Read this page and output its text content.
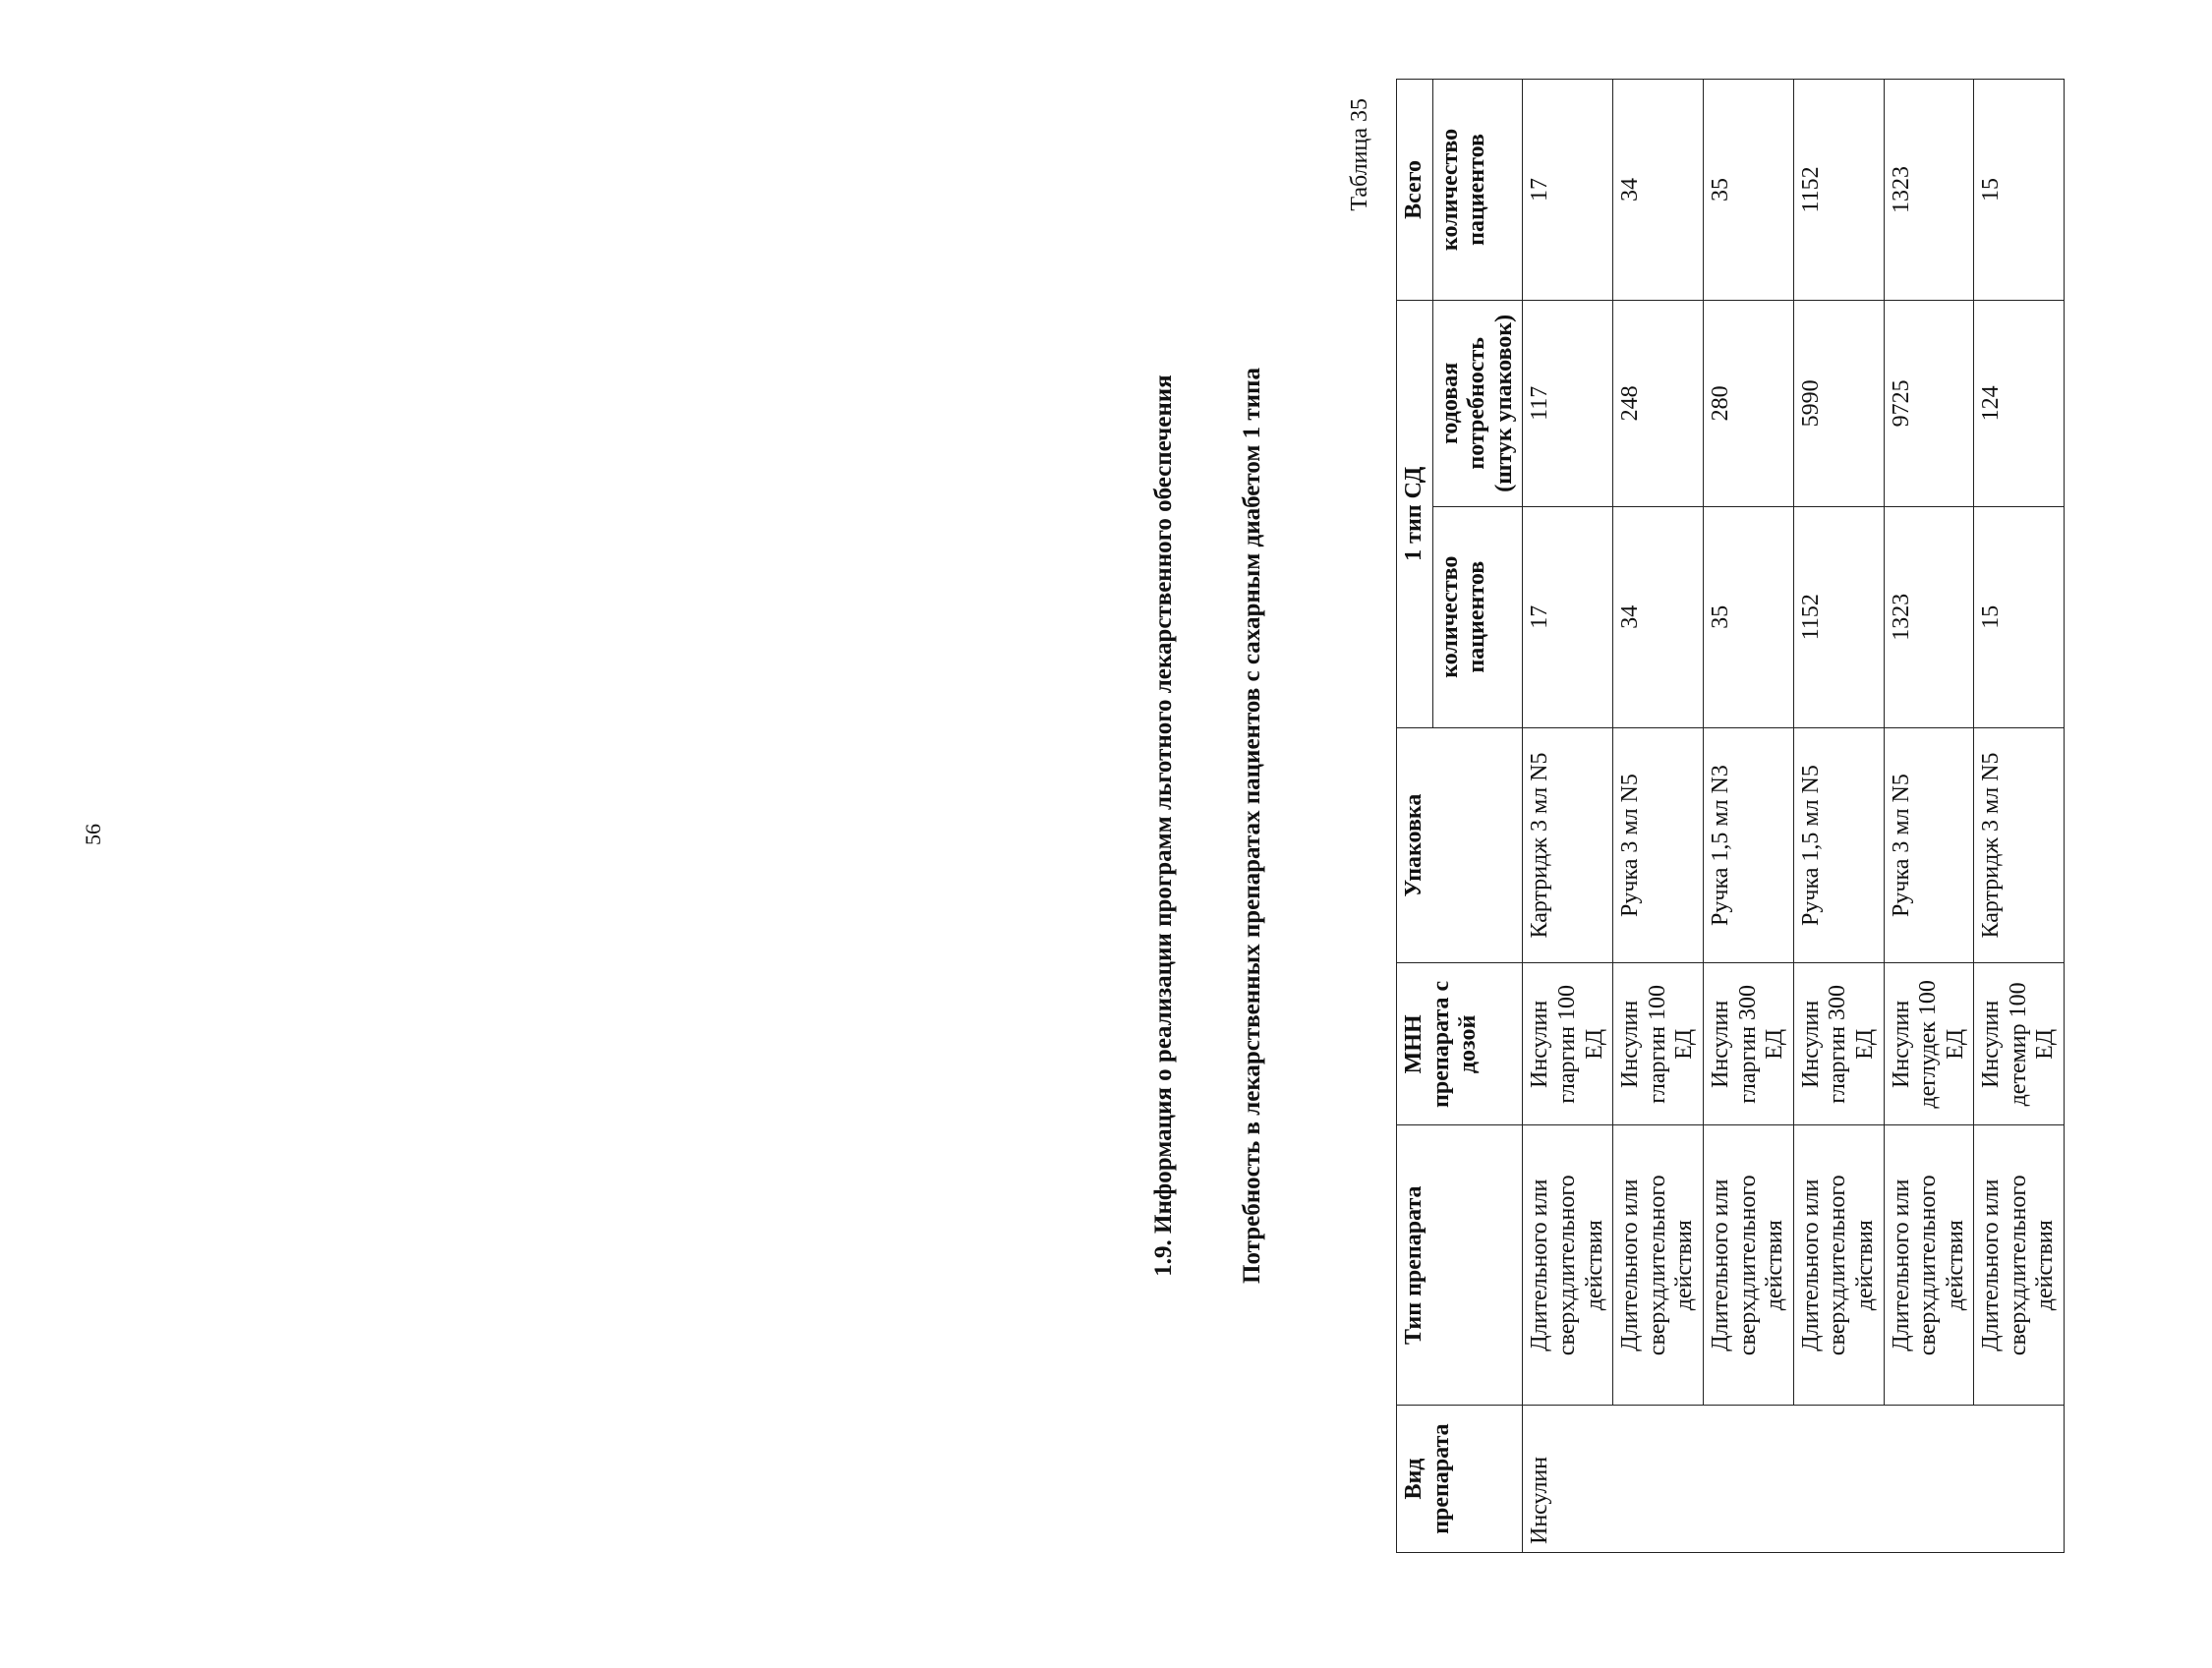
56	1.9. Информация о реализации программ льготного лекарственного обеспечения	Потребность в лекарственных препаратах пациентов с сахарным диабетом 1 типа
Таблица 35
Вид препарата	Тип препарата	МНН препарата с дозой	Упаковка	1 тип СД		Всего
				количество пациентов	годовая потребность (штук упаковок)	количество пациентов
Инсулин	Длительного или сверхдлительного действия	Инсулин гларгин 100 ЕД	Картридж 3 мл N5	17	117	17
	Длительного или сверхдлительного действия	Инсулин гларгин 100 ЕД	Ручка 3 мл N5	34	248	34
	Длительного или сверхдлительного действия	Инсулин гларгин 300 ЕД	Ручка 1,5 мл N3	35	280	35
	Длительного или сверхдлительного действия	Инсулин гларгин 300 ЕД	Ручка 1,5 мл N5	1152	5990	1152
	Длительного или сверхдлительного действия	Инсулин деглудек 100 ЕД	Ручка 3 мл N5	1323	9725	1323
	Длительного или сверхдлительного действия	Инсулин детемир 100 ЕД	Картридж 3 мл N5	15	124	15
